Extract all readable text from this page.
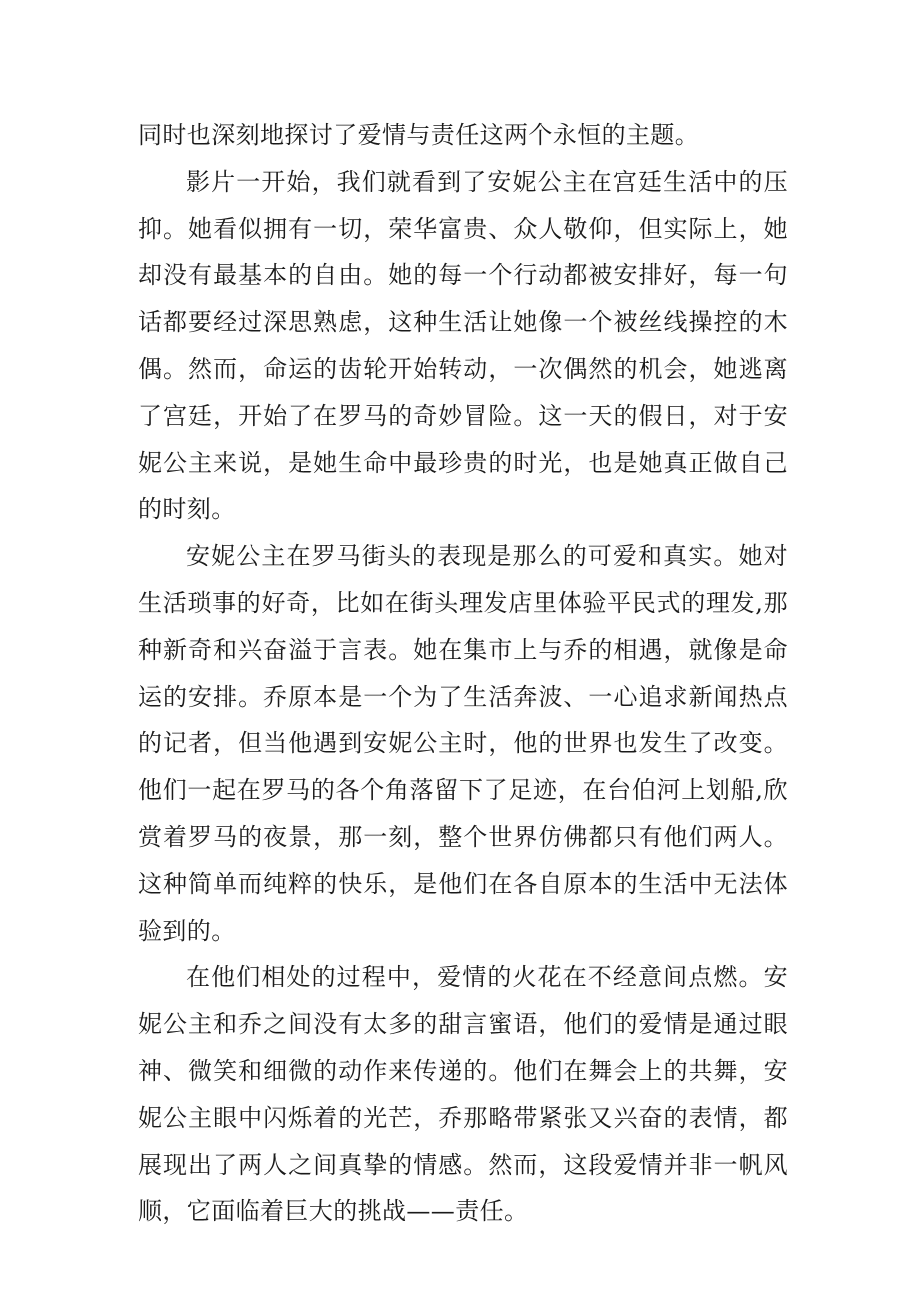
同时也深刻地探讨了爱情与责任这两个永恒的主题。

影片一开始，我们就看到了安妮公主在宫廷生活中的压抑。她看似拥有一切，荣华富贵、众人敬仰，但实际上，她却没有最基本的自由。她的每一个行动都被安排好，每一句话都要经过深思熟虑，这种生活让她像一个被丝线操控的木偶。然而，命运的齿轮开始转动，一次偶然的机会，她逃离了宫廷，开始了在罗马的奇妙冒险。这一天的假日，对于安妮公主来说，是她生命中最珍贵的时光，也是她真正做自己的时刻。

安妮公主在罗马街头的表现是那么的可爱和真实。她对生活琐事的好奇，比如在街头理发店里体验平民式的理发,那种新奇和兴奋溢于言表。她在集市上与乔的相遇，就像是命运的安排。乔原本是一个为了生活奔波、一心追求新闻热点的记者，但当他遇到安妮公主时，他的世界也发生了改变。他们一起在罗马的各个角落留下了足迹，在台伯河上划船,欣赏着罗马的夜景，那一刻，整个世界仿佛都只有他们两人。这种简单而纯粹的快乐，是他们在各自原本的生活中无法体验到的。

在他们相处的过程中，爱情的火花在不经意间点燃。安妮公主和乔之间没有太多的甜言蜜语，他们的爱情是通过眼神、微笑和细微的动作来传递的。他们在舞会上的共舞，安妮公主眼中闪烁着的光芒，乔那略带紧张又兴奋的表情，都展现出了两人之间真挚的情感。然而，这段爱情并非一帆风顺，它面临着巨大的挑战——责任。
